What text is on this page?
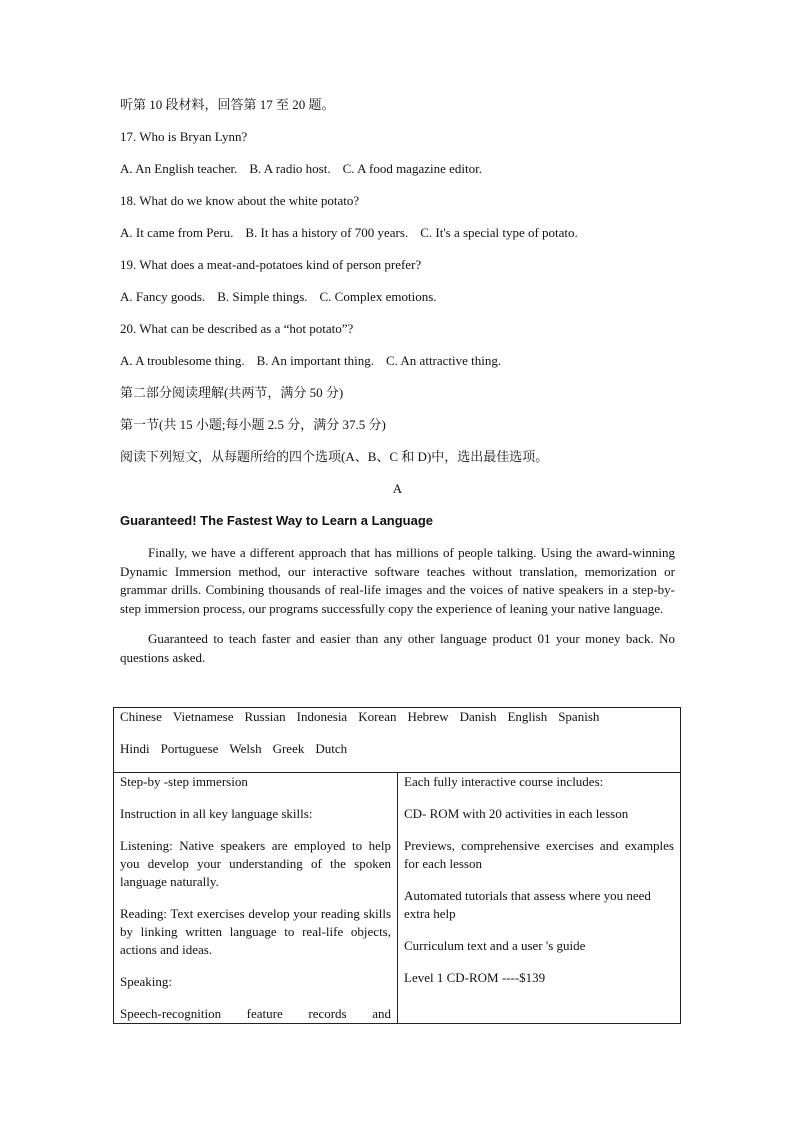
听第 10 段材料，回答第 17 至 20 题。

17. Who is Bryan Lynn?

A. An English teacher. B. A radio host. C. A food magazine editor.

18. What do we know about the white potato?

A. It came from Peru. B. It has a history of 700 years. C. It's a special type of potato.

19. What does a meat-and-potatoes kind of person prefer?

A. Fancy goods. B. Simple things. C. Complex emotions.

20. What can be described as a “hot potato”?

A. A troublesome thing. B. An important thing. C. An attractive thing.

第二部分阅读理解(共两节，满分 50 分)

第一节(共 15 小题;每小题 2.5 分，满分 37.5 分)

阅读下列短文，从每题所给的四个选项(A、B、C 和 D)中，选出最佳选项。

A

Guaranteed! The Fastest Way to Learn a Language

Finally, we have a different approach that has millions of people talking. Using the award-winning Dynamic Immersion method, our interactive software teaches without translation, memorization or grammar drills. Combining thousands of real-life images and the voices of native speakers in a step-by-step immersion process, our programs successfully copy the experience of leaning your native language.

Guaranteed to teach faster and easier than any other language product 01 your money back. No questions asked.

Chinese Vietnamese Russian Indonesia Korean Hebrew Danish English Spanish
Hindi Portuguese Welsh Greek Dutch

Step-by -step immersion
Instruction in all key language skills:
Listening: Native speakers are employed to help you develop your understanding of the spoken language naturally.
Reading: Text exercises develop your reading skills by linking written language to real-life objects, actions and ideas.
Speaking:
Speech-recognition feature records and

Each fully interactive course includes:
CD- ROM with 20 activities in each lesson
Previews, comprehensive exercises and examples for each lesson
Automated tutorials that assess where you need extra help
Curriculum text and a user 's guide
Level 1 CD-ROM ----$139
